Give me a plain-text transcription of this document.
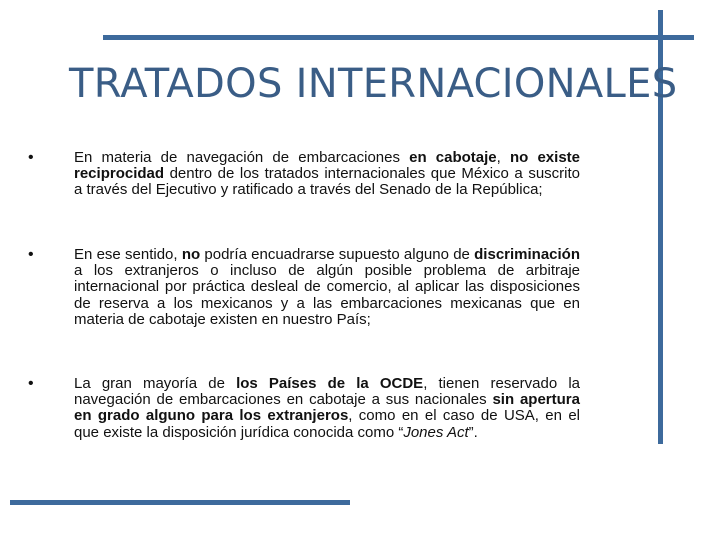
TRATADOS INTERNACIONALES
•	En materia de navegación de embarcaciones en cabotaje, no existe reciprocidad dentro de los tratados internacionales que México a suscrito a través del Ejecutivo y ratificado a través del Senado de la República;

•	En ese sentido, no podría encuadrarse supuesto alguno de discriminación a los extranjeros o incluso de algún posible problema de arbitraje internacional por práctica desleal de comercio, al aplicar las disposiciones de reserva a los mexicanos y a las embarcaciones mexicanas que en materia de cabotaje existen en nuestro País;

•	La gran mayoría de los Países de la OCDE, tienen reservado la navegación de embarcaciones en cabotaje a sus nacionales sin apertura en grado alguno para los extranjeros, como en el caso de USA, en el que existe la disposición jurídica conocida como “Jones Act”.
